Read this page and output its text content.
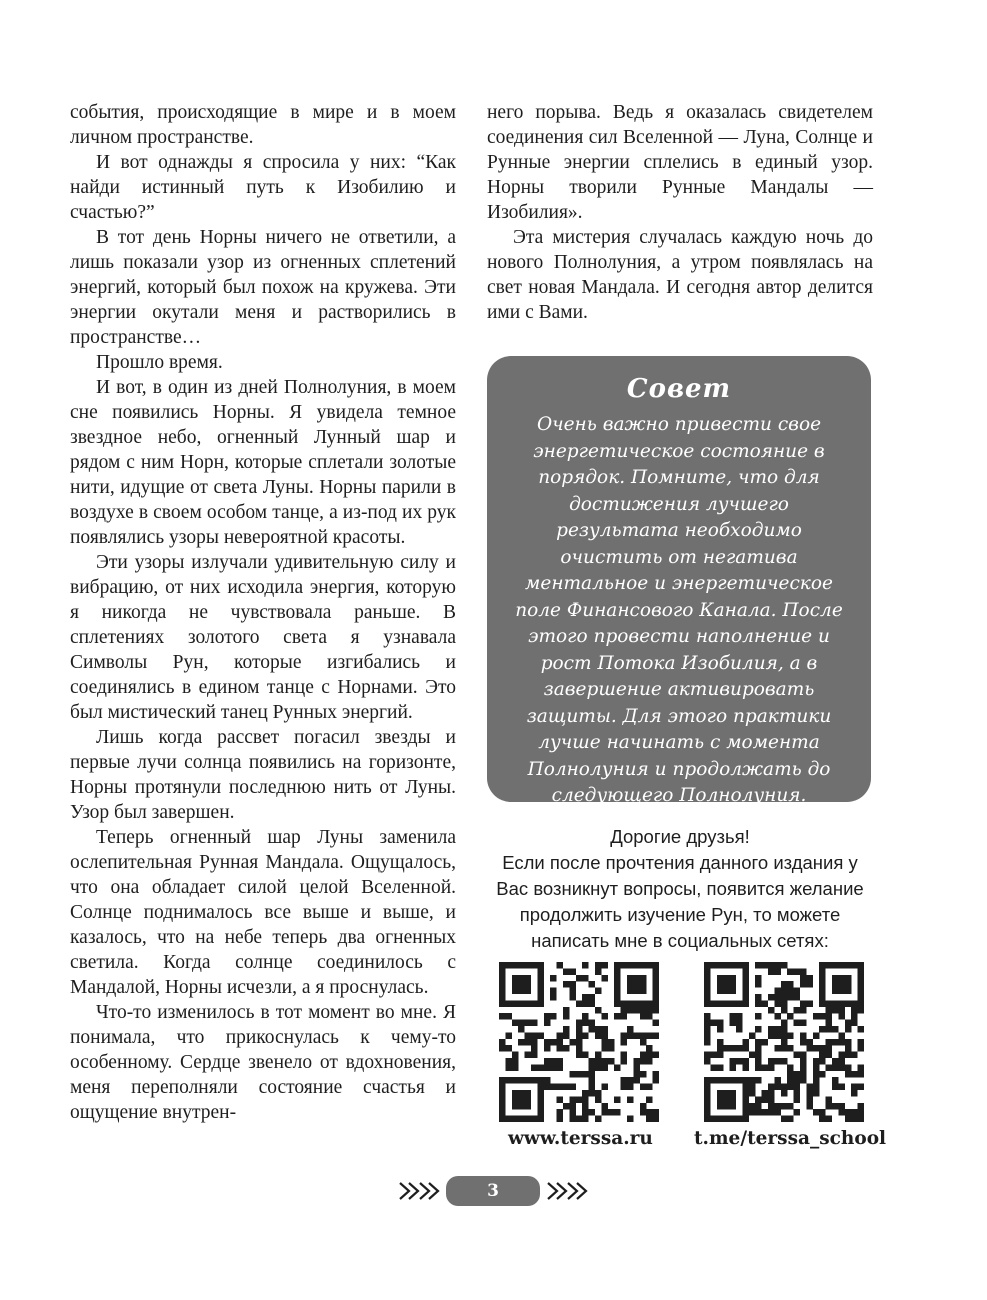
события, происходящие в мире и в моем личном пространстве.

И вот однажды я спросила у них: “Как найди истинный путь к Изобилию и счастью?”

В тот день Норны ничего не ответили, а лишь показали узор из огненных сплетений энергий, который был похож на кружева. Эти энергии окутали меня и растворились в пространстве…

Прошло время.

И вот, в один из дней Полнолуния, в моем сне появились Норны. Я увидела темное звездное небо, огненный Лунный шар и рядом с ним Норн, которые сплетали золотые нити, идущие от света Луны. Норны парили в воздухе в своем особом танце, а из-под их рук появлялись узоры невероятной красоты.

Эти узоры излучали удивительную силу и вибрацию, от них исходила энергия, которую я никогда не чувствовала раньше. В сплетениях золотого света я узнавала Символы Рун, которые изгибались и соединялись в едином танце с Норнами. Это был мистический танец Рунных энергий.

Лишь когда рассвет погасил звезды и первые лучи солнца появились на горизонте, Норны протянули последнюю нить от Луны. Узор был завершен.

Теперь огненный шар Луны заменила ослепительная Рунная Мандала. Ощущалось, что она обладает силой целой Вселенной. Солнце поднималось все выше и выше, и казалось, что на небе теперь два огненных светила. Когда солнце соединилось с Мандалой, Норны исчезли, а я проснулась.

Что-то изменилось в тот момент во мне. Я понимала, что прикоснулась к чему-то особенному. Сердце звенело от вдохновения, меня переполняли состояние счастья и ощущение внутрен-

него порыва. Ведь я оказалась свидетелем соединения сил Вселенной — Луна, Солнце и Рунные энергии сплелись в единый узор. Норны творили Рунные Мандалы — Изобилия».

Эта мистерия случалась каждую ночь до нового Полнолуния, а утром появлялась на свет новая Мандала. И сегодня автор делится ими с Вами.

Совет
Очень важно привести свое энергетическое состояние в порядок. Помните, что для достижения лучшего результата необходимо очистить от негатива ментальное и энергетическое поле Финансового Канала. После этого провести наполнение и рост Потока Изобилия, а в завершение активировать защиты. Для этого практики лучше начинать с момента Полнолуния и продолжать до следующего Полнолуния.
Дорогие друзья!
Если после прочтения данного издания у Вас возникнут вопросы, появится желание продолжить изучение Рун, то можете написать мне в социальных сетях:
www.terssa.ru t.me/terssa_school
3
